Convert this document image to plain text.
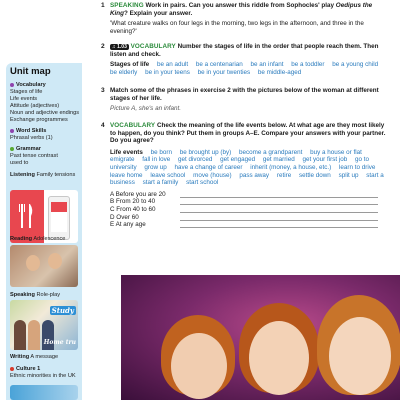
Unit map
Vocabulary
Stages of life
Life events
Attitude (adjectives)
Noun and adjective endings
Exchange programmes
Word Skills
Phrasal verbs (1)
Grammar
Past tense contrast
used to
Listening Family tensions
Reading Adolescence
Speaking Role-play
Study
Home tru
Writing A message
Culture 1
Ethnic minorities in the UK
1 SPEAKING Work in pairs. Can you answer this riddle from Sophocles' play Oedipus the King? Explain your answer.
'What creature walks on four legs in the morning, two legs in the afternoon, and three in the evening?'
2 ♫ 1.03 VOCABULARY Number the stages of life in the order that people reach them. Then listen and check.
Stages of life be an adult be a centenarian be an infant be a toddler be a young child be elderly be in your teens be in your twenties be middle-aged
3 Match some of the phrases in exercise 2 with the pictures below of the woman at different stages of her life.
Picture A, she's an infant.
4 VOCABULARY Check the meaning of the life events below. At what age are they most likely to happen, do you think? Put them in groups A–E. Compare your answers with your partner. Do you agree?
Life events be born be brought up (by) become a grandparent buy a house or flat emigrate fall in love get divorced get engaged get married get your first job go to university grow up have a change of career inherit (money, a house, etc.) learn to drive leave home leave school move (house) pass away retire settle down split up start a business start a family start school
A Before you are 20
B From 20 to 40
C From 40 to 60
D Over 60
E At any age
